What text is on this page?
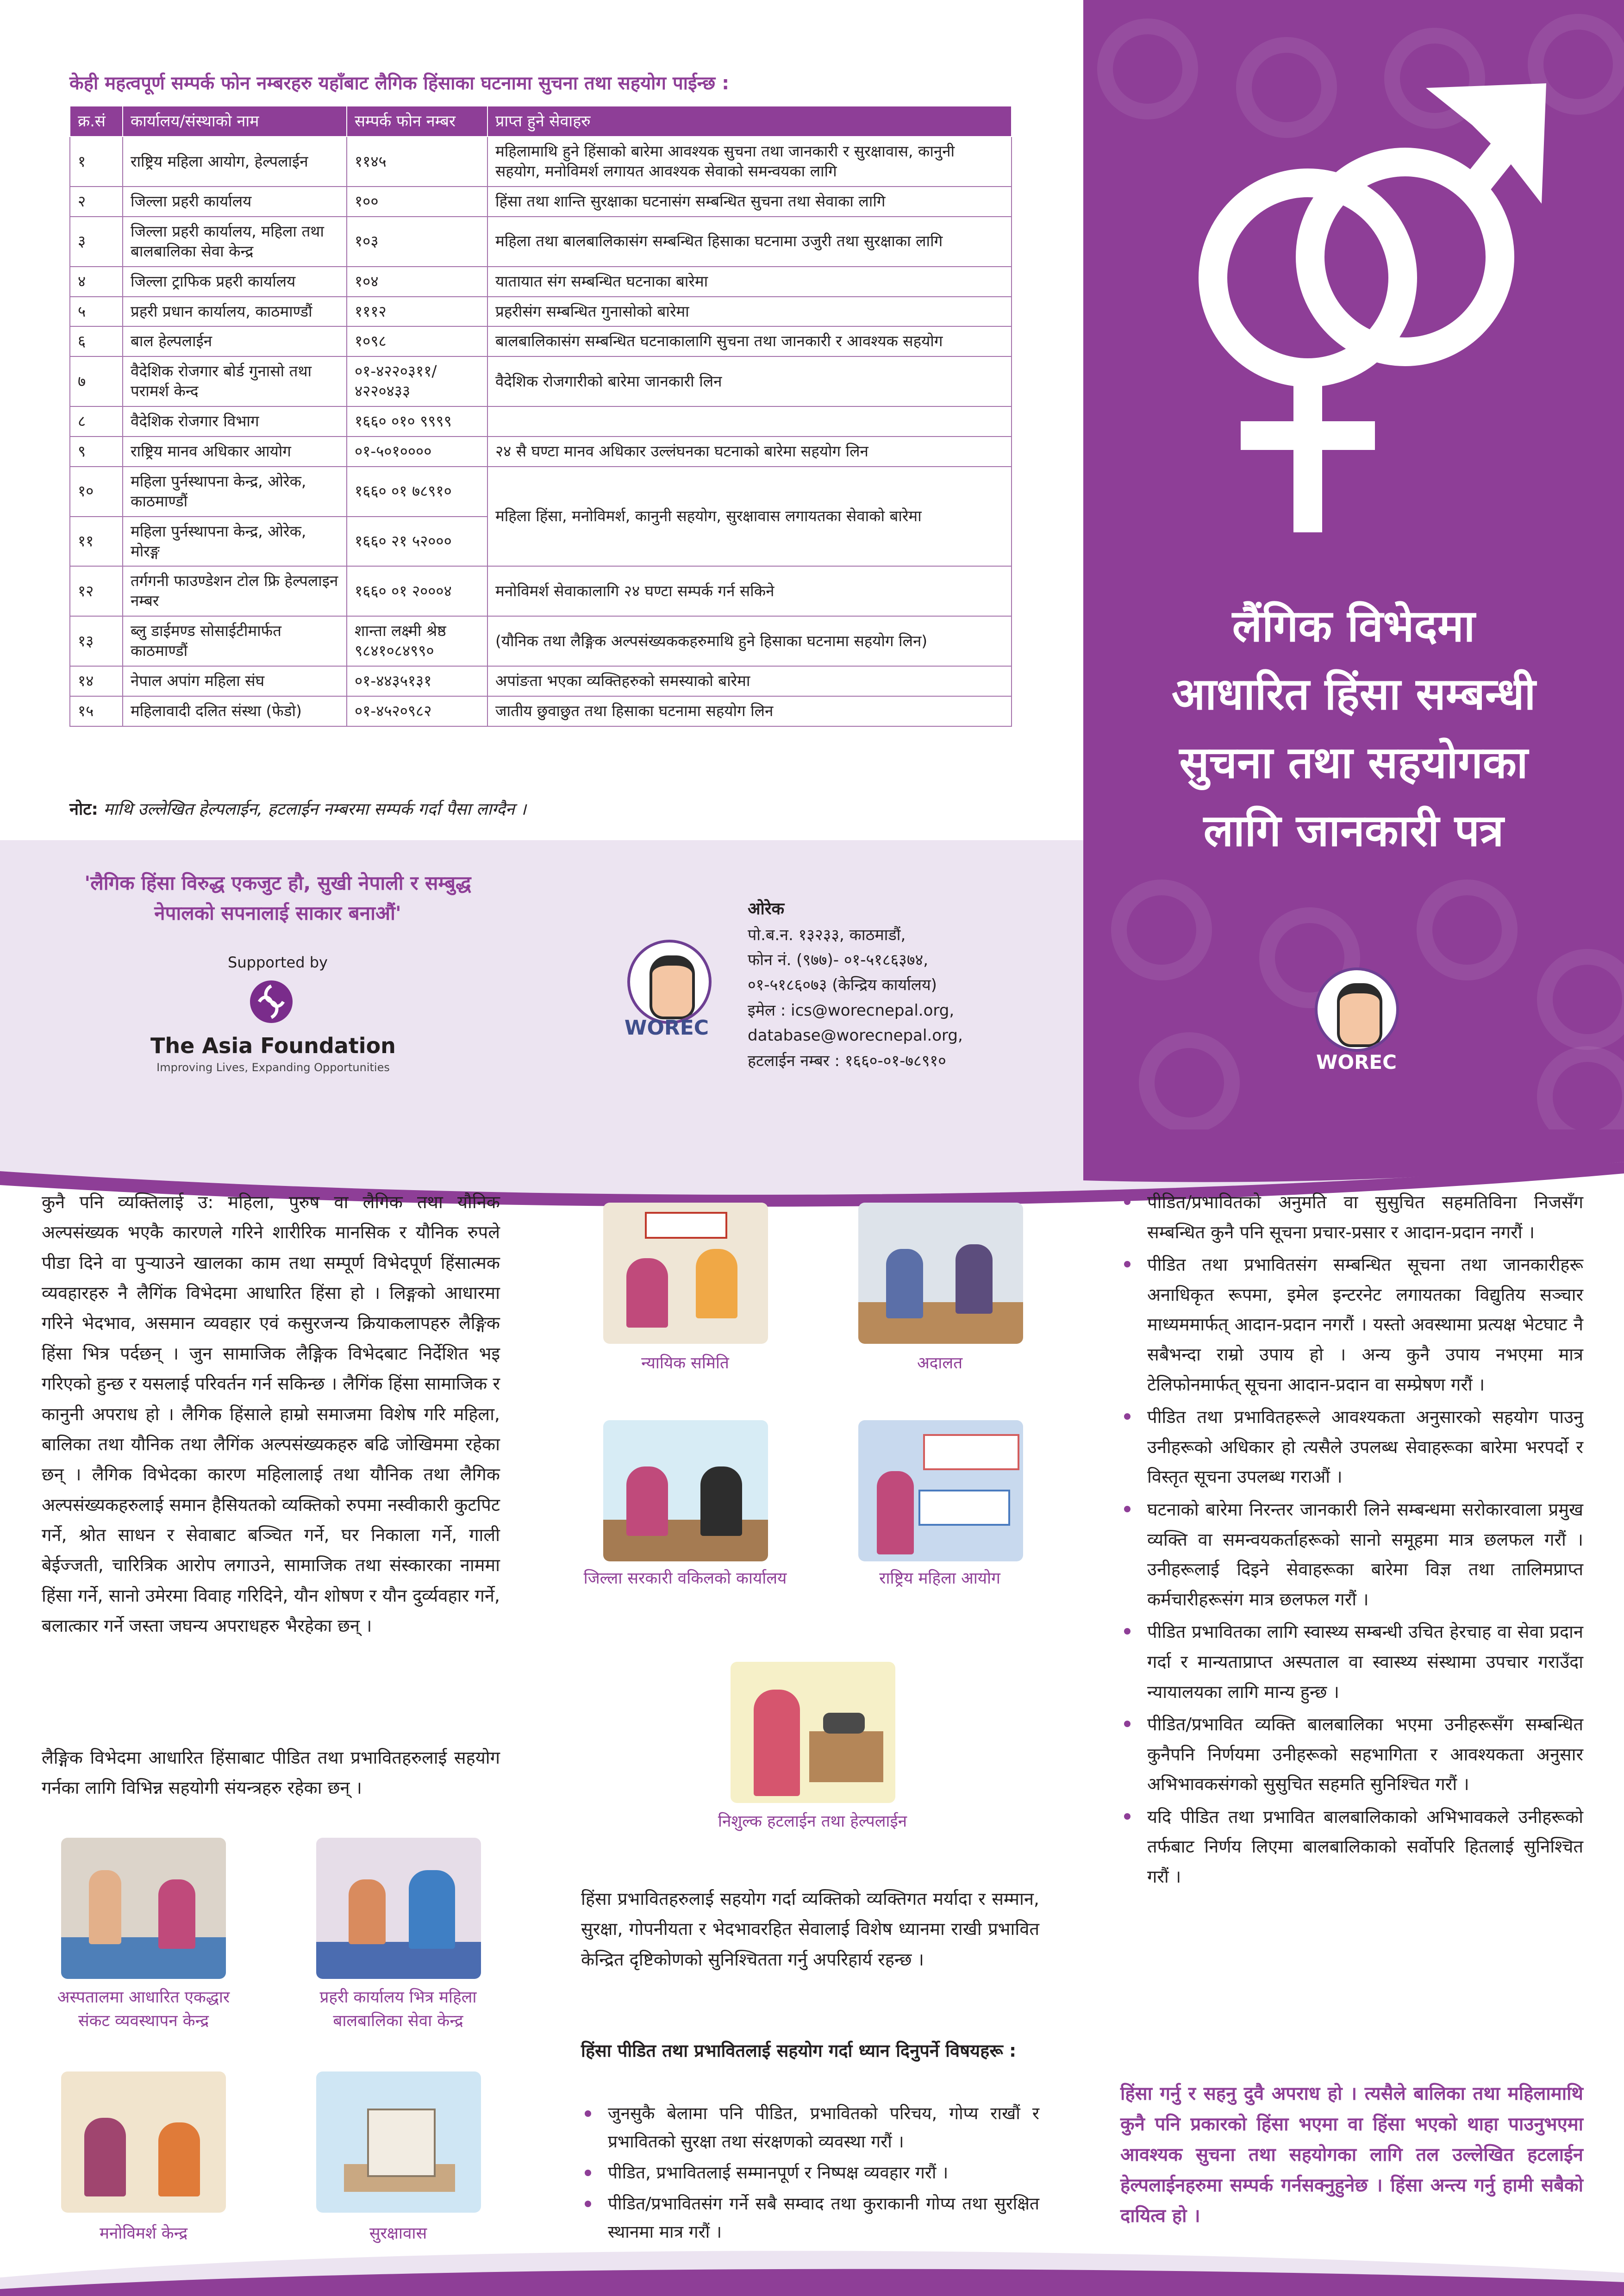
केही महत्वपूर्ण सम्पर्क फोन नम्बरहरु यहाँबाट लैगिक हिंसाका घटनामा सुचना तथा सहयोग पाईन्छ :
क्र.सं	कार्यालय/संस्थाको नाम	सम्पर्क फोन नम्बर	प्राप्त हुने सेवाहरु
१	राष्ट्रिय महिला आयोग, हेल्पलाईन	११४५	महिलामाथि हुने हिंसाको बारेमा आवश्यक सुचना तथा जानकारी र सुरक्षावास, कानुनी सहयोग, मनोविमर्श लगायत आवश्यक सेवाको समन्वयका लागि
२	जिल्ला प्रहरी कार्यालय	१००	हिंसा तथा शान्ति सुरक्षाका घटनासंग सम्बन्धित सुचना तथा सेवाका लागि
३	जिल्ला प्रहरी कार्यालय, महिला तथा बालबालिका सेवा केन्द्र	१०३	महिला तथा बालबालिकासंग सम्बन्धित हिसाका घटनामा उजुरी तथा सुरक्षाका लागि
४	जिल्ला ट्राफिक प्रहरी कार्यालय	१०४	यातायात संग सम्बन्धित घटनाका बारेमा
५	प्रहरी प्रधान कार्यालय, काठमाण्डौं	१११२	प्रहरीसंग सम्बन्धित गुनासोको बारेमा
६	बाल हेल्पलाईन	१०९८	बालबालिकासंग सम्बन्धित घटनाकालागि सुचना तथा जानकारी र आवश्यक सहयोग
७	वैदेशिक रोजगार बोर्ड गुनासो तथा परामर्श केन्द	०१-४२२०३११/ ४२२०४३३	वैदेशिक रोजगारीको बारेमा जानकारी लिन
८	वैदेशिक रोजगार विभाग	१६६० ०१० ९९९९	
९	राष्ट्रिय मानव अधिकार आयोग	०१-५०१००००	२४ सै घण्टा मानव अधिकार उल्लंघनका घटनाको बारेमा सहयोग लिन
१०	महिला पुर्नस्थापना केन्द्र, ओरेक, काठमाण्डौं	१६६० ०१ ७८९१०	महिला हिंसा, मनोविमर्श, कानुनी सहयोग, सुरक्षावास लगायतका सेवाको बारेमा
११	महिला पुर्नस्थापना केन्द्र, ओरेक, मोरङ्ग	१६६० २१ ५२०००	
१२	तर्गगनी फाउण्डेशन टोल फ्रि हेल्पलाइन नम्बर	१६६० ०१ २०००४	मनोविमर्श सेवाकालागि २४ घण्टा सम्पर्क गर्न सकिने
१३	ब्लु डाईमण्ड सोसाईटीमार्फत काठमाण्डौं	शान्ता लक्ष्मी श्रेष्ठ ९८४१०८४९९०	(यौनिक तथा लैङ्गिक अल्पसंख्यककहरुमाथि हुने हिसाका घटनामा सहयोग लिन)
१४	नेपाल अपांग महिला संघ	०१-४४३५१३१	अपांङता भएका व्यक्तिहरुको समस्याको बारेमा
१५	महिलावादी दलित संस्था (फेडो)	०१-४५२०९८२	जातीय छुवाछुत तथा हिसाका घटनामा सहयोग लिन
नोट: माथि उल्लेखित हेल्पलाईन, हटलाईन नम्बरमा सम्पर्क गर्दा पैसा लाग्दैन ।
'लैगिक हिंसा विरुद्ध एकजुट हौ, सुखी नेपाली र सम्बुद्ध नेपालको सपनालाई साकार बनाऔं'
Supported by
The Asia Foundation
Improving Lives, Expanding Opportunities
WOREC
ओरेक
पो.ब.न. १३२३३, काठमाडौं,
फोन नं. (९७७)- ०१-५१८६३७४,
०१-५१८६०७३ (केन्द्रिय कार्यालय)
इमेल : ics@worecnepal.org,
database@worecnepal.org,
हटलाईन नम्बर : १६६०-०१-७८९१०
लैंगिक विभेदमा
आधारित हिंसा सम्बन्धी
सुचना तथा सहयोगका
लागि जानकारी पत्र
WOREC
कुनै पनि व्यक्तिलाई उ: महिला, पुरुष वा लैगिक तथा यौनिक अल्पसंख्यक भएकै कारणले गरिने शारीरिक मानसिक र यौनिक रुपले पीडा दिने वा पुऱ्याउने खालका काम तथा सम्पूर्ण विभेदपूर्ण हिंसात्मक व्यवहारहरु नै लैगिंक विभेदमा आधारित हिंसा हो । लिङ्गको आधारमा गरिने भेदभाव, असमान व्यवहार एवं कसुरजन्य क्रियाकलापहरु लैङ्गिक हिंसा भित्र पर्दछन् । जुन सामाजिक लैङ्गिक विभेदबाट निर्देशित भइ गरिएको हुन्छ र यसलाई परिवर्तन गर्न सकिन्छ । लैगिंक हिंसा सामाजिक र कानुनी अपराध हो । लैगिक हिंसाले हाम्रो समाजमा विशेष गरि महिला, बालिका तथा यौनिक तथा लैगिंक अल्पसंख्यकहरु बढि जोखिममा रहेका छन् । लैगिक विभेदका कारण महिलालाई तथा यौनिक तथा लैगिक अल्पसंख्यकहरुलाई समान हैसियतको व्यक्तिको रुपमा नस्वीकारी कुटपिट गर्ने, श्रोत साधन र सेवाबाट बञ्चित गर्ने, घर निकाला गर्ने, गाली बेईज्जती, चारित्रिक आरोप लगाउने, सामाजिक तथा संस्कारका नाममा हिंसा गर्ने, सानो उमेरमा विवाह गरिदिने, यौन शोषण र यौन दुर्व्यवहार गर्ने, बलात्कार गर्ने जस्ता जघन्य अपराधहरु भैरहेका छन् ।
लैङ्गिक विभेदमा आधारित हिंसाबाट पीडित तथा प्रभावितहरुलाई सहयोग गर्नका लागि विभिन्न सहयोगी संयन्त्रहरु रहेका छन् ।
अस्पतालमा आधारित एकद्धार संकट व्यवस्थापन केन्द्र
प्रहरी कार्यालय भित्र महिला बालबालिका सेवा केन्द्र
मनोविमर्श केन्द्र	सुरक्षावास
न्यायिक समिति	अदालत
जिल्ला सरकारी वकिलको कार्यालय	राष्ट्रिय महिला आयोग
निशुल्क हटलाईन तथा हेल्पलाईन
हिंसा प्रभावितहरुलाई सहयोग गर्दा व्यक्तिको व्यक्तिगत मर्यादा र सम्मान, सुरक्षा, गोपनीयता र भेदभावरहित सेवालाई विशेष ध्यानमा राखी प्रभावित केन्द्रित दृष्टिकोणको सुनिश्चितता गर्नु अपरिहार्य रहन्छ ।
हिंसा पीडित तथा प्रभावितलाई सहयोग गर्दा ध्यान दिनुपर्ने विषयहरू :
जुनसुकै बेलामा पनि पीडित, प्रभावितको परिचय, गोप्य राखौं र प्रभावितको सुरक्षा तथा संरक्षणको व्यवस्था गरौं ।
पीडित, प्रभावितलाई सम्मानपूर्ण र निष्पक्ष व्यवहार गरौं ।
पीडित/प्रभावितसंग गर्ने सबै सम्वाद तथा कुराकानी गोप्य तथा सुरक्षित स्थानमा मात्र गरौं ।
पीडित/प्रभावितको अनुमति वा सुसुचित सहमतिविना निजसँग सम्बन्धित कुनै पनि सूचना प्रचार-प्रसार र आदान-प्रदान नगरौं ।
पीडित तथा प्रभावितसंग सम्बन्धित सूचना तथा जानकारीहरू अनाधिकृत रूपमा, इमेल इन्टरनेट लगायतका विद्युतिय सञ्चार माध्यममार्फत् आदान-प्रदान नगरौं । यस्तो अवस्थामा प्रत्यक्ष भेटघाट नै सबैभन्दा राम्रो उपाय हो । अन्य कुनै उपाय नभएमा मात्र टेलिफोनमार्फत् सूचना आदान-प्रदान वा सम्प्रेषण गरौं ।
पीडित तथा प्रभावितहरूले आवश्यकता अनुसारको सहयोग पाउनु उनीहरूको अधिकार हो त्यसैले उपलब्ध सेवाहरूका बारेमा भरपर्दो र विस्तृत सूचना उपलब्ध गराऔं ।
घटनाको बारेमा निरन्तर जानकारी लिने सम्बन्धमा सरोकारवाला प्रमुख व्यक्ति वा समन्वयकर्ताहरूको सानो समूहमा मात्र छलफल गरौं । उनीहरूलाई दिइने सेवाहरूका बारेमा विज्ञ तथा तालिमप्राप्त कर्मचारीहरूसंग मात्र छलफल गरौं ।
पीडित प्रभावितका लागि स्वास्थ्य सम्बन्धी उचित हेरचाह वा सेवा प्रदान गर्दा र मान्यताप्राप्त अस्पताल वा स्वास्थ्य संस्थामा उपचार गराउँदा न्यायालयका लागि मान्य हुन्छ ।
पीडित/प्रभावित व्यक्ति बालबालिका भएमा उनीहरूसँग सम्बन्धित कुनैपनि निर्णयमा उनीहरूको सहभागिता र आवश्यकता अनुसार अभिभावकसंगको सुसुचित सहमति सुनिश्चित गरौं ।
यदि पीडित तथा प्रभावित बालबालिकाको अभिभावकले उनीहरूको तर्फबाट निर्णय लिएमा बालबालिकाको सर्वोपरि हितलाई सुनिश्चित गरौं ।
हिंसा गर्नु र सहनु दुवै अपराध हो । त्यसैले बालिका तथा महिलामाथि कुनै पनि प्रकारको हिंसा भएमा वा हिंसा भएको थाहा पाउनुभएमा आवश्यक सुचना तथा सहयोगका लागि तल उल्लेखित हटलाईन हेल्पलाईनहरुमा सम्पर्क गर्नसक्नुहुनेछ । हिंसा अन्त्य गर्नु हामी सबैको दायित्व हो ।
